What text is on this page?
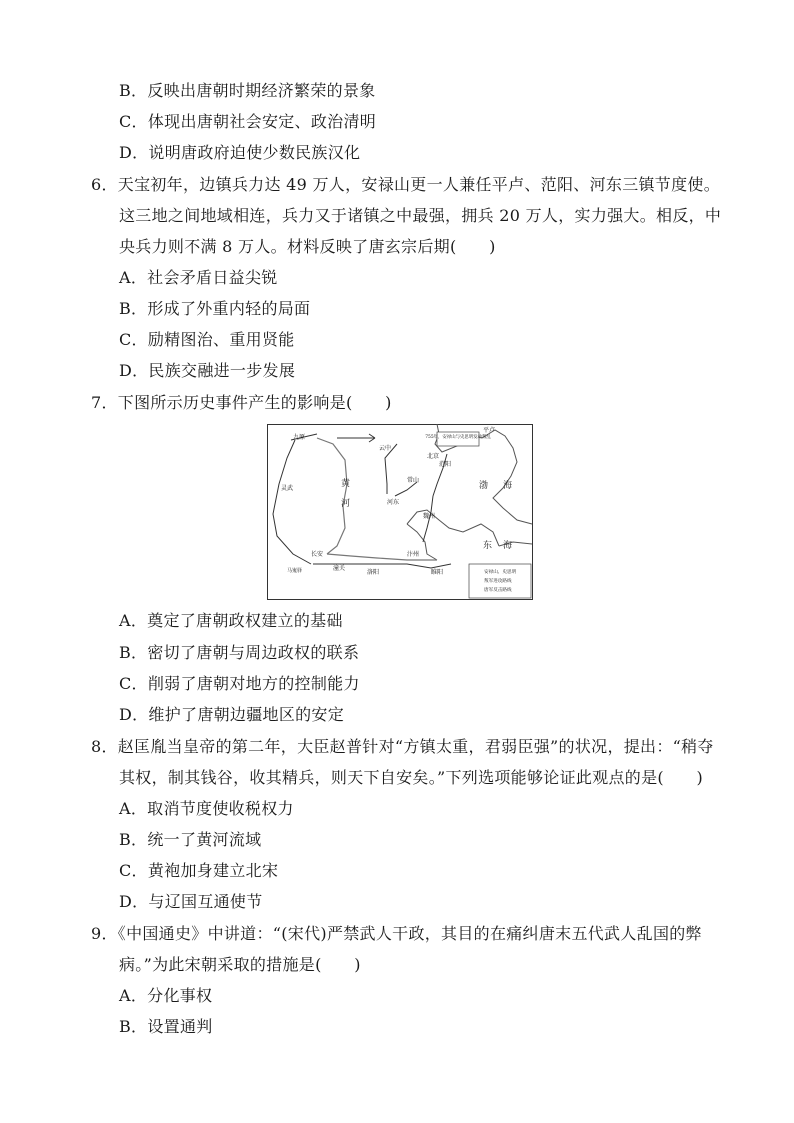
B．反映出唐朝时期经济繁荣的景象
C．体现出唐朝社会安定、政治清明
D．说明唐政府迫使少数民族汉化
6．天宝初年，边镇兵力达 49 万人，安禄山更一人兼任平卢、范阳、河东三镇节度使。
这三地之间地域相连，兵力又于诸镇之中最强，拥兵 20 万人，实力强大。相反，中
央兵力则不满 8 万人。材料反映了唐玄宗后期(　　)
A．社会矛盾日益尖锐
B．形成了外重内轻的局面
C．励精图治、重用贤能
D．民族交融进一步发展
7．下图所示历史事件产生的影响是(　　)
755年，安禄山与史思明发动叛乱
九原
云中
平卢
北京
范阳
灵武
河东
常山
魏州
长安
潼关
洛阳
汴州
睢阳
马嵬驿
黄
河
渤 海
东 海
安禄山、史思明
叛军进攻路线
唐军反击路线
A．奠定了唐朝政权建立的基础
B．密切了唐朝与周边政权的联系
C．削弱了唐朝对地方的控制能力
D．维护了唐朝边疆地区的安定
8．赵匡胤当皇帝的第二年，大臣赵普针对“方镇太重，君弱臣强”的状况，提出：“稍夺
其权，制其钱谷，收其精兵，则天下自安矣。”下列选项能够论证此观点的是(　　)
A．取消节度使收税权力
B．统一了黄河流域
C．黄袍加身建立北宋
D．与辽国互通使节
9．《中国通史》中讲道：“(宋代)严禁武人干政，其目的在痛纠唐末五代武人乱国的弊
病。”为此宋朝采取的措施是(　　)
A．分化事权
B．设置通判
